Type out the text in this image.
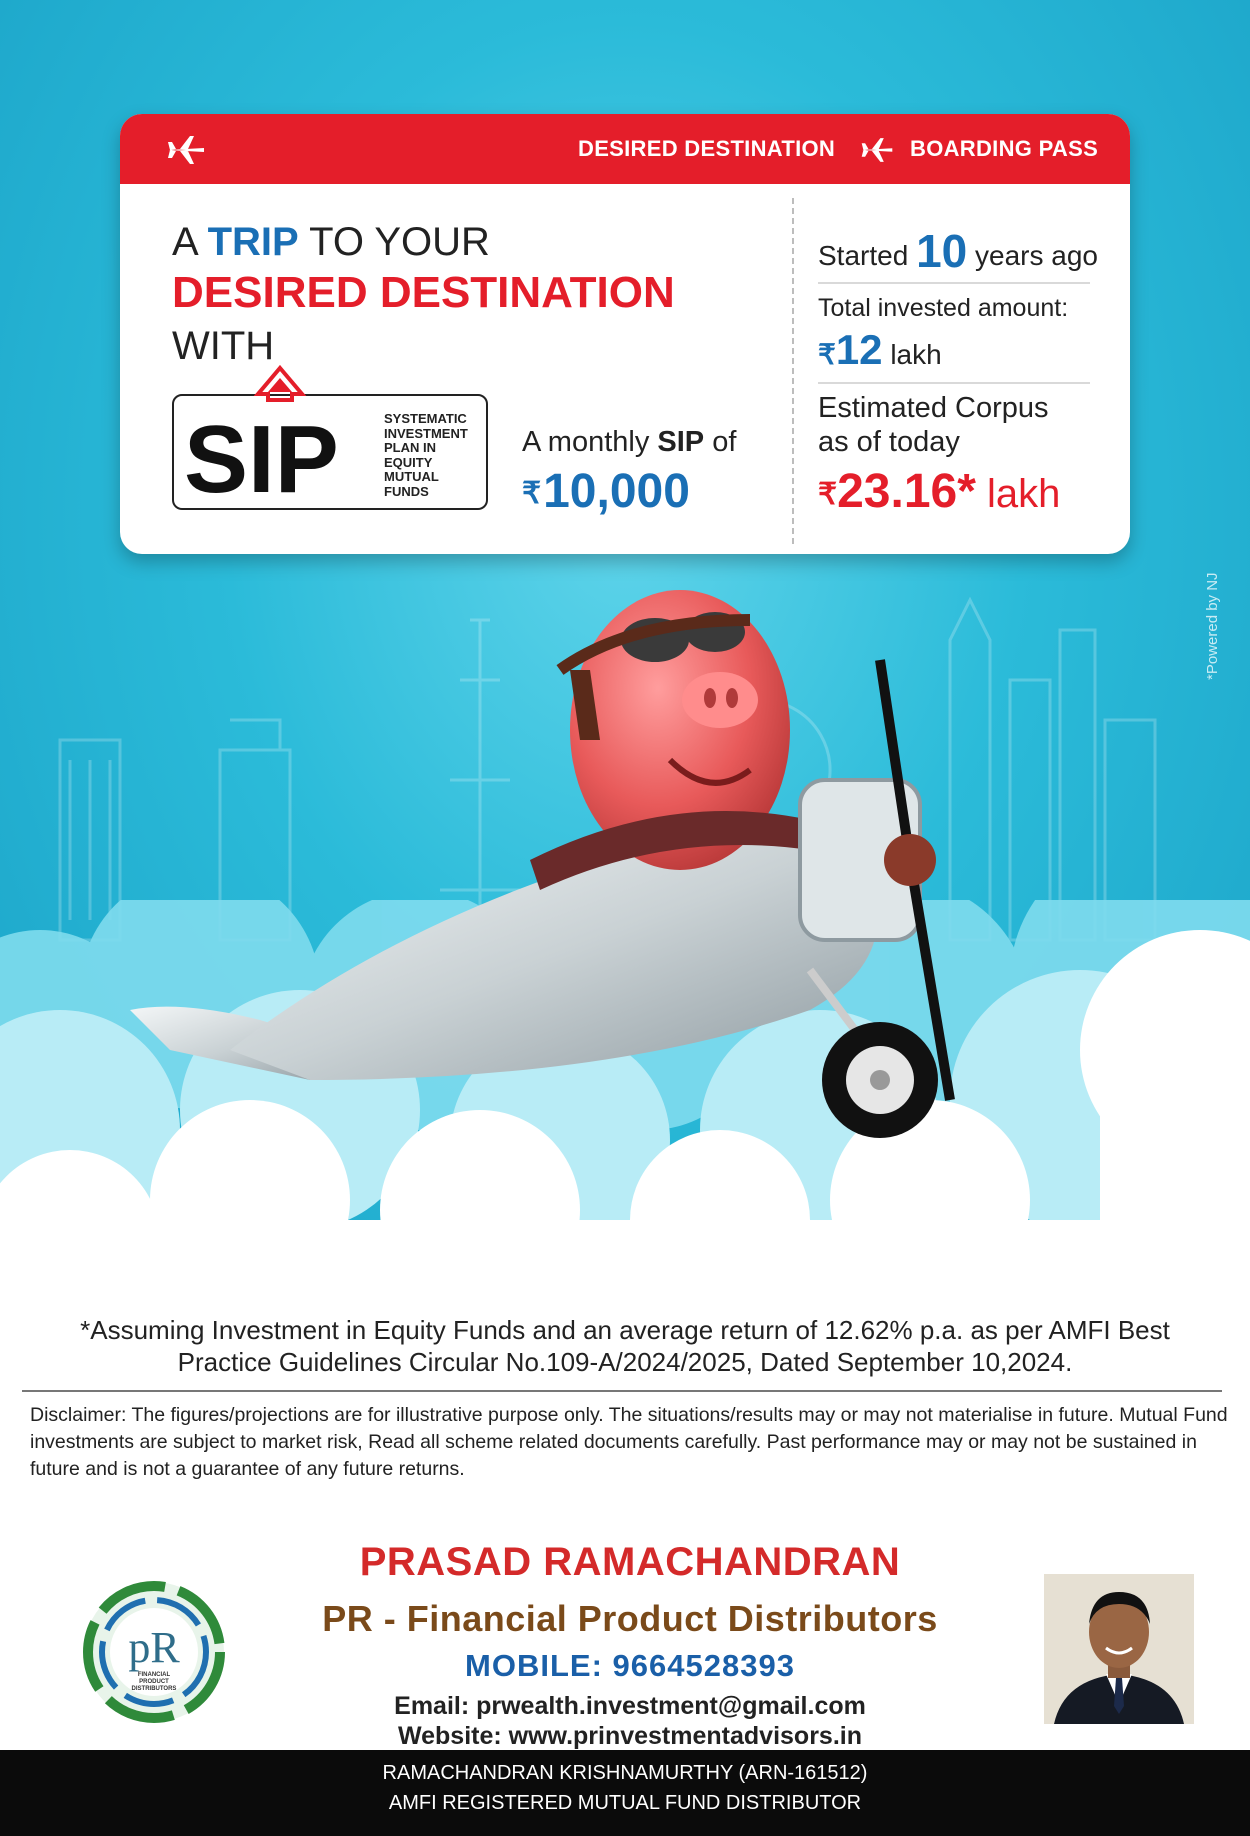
DESIRED DESTINATION	BOARDING PASS
A TRIP TO YOUR
DESIRED DESTINATION
WITH
SIP	SYSTEMATIC
INVESTMENT
PLAN IN
EQUITY
MUTUAL
FUNDS
A monthly SIP of
₹10,000
Started 10 years ago
Total invested amount:
₹12 lakh
Estimated Corpus
as of today
₹23.16* lakh
*Powered by NJ
*Assuming Investment in Equity Funds and an average return of 12.62% p.a. as per AMFI Best Practice Guidelines Circular No.109-A/2024/2025, Dated September 10,2024.
Disclaimer: The figures/projections are for illustrative purpose only. The situations/results may or may not materialise in future. Mutual Fund investments are subject to market risk, Read all scheme related documents carefully. Past performance may or may not be sustained in future and is not a guarantee of any future returns.
pR
FINANCIAL
PRODUCT
DISTRIBUTORS
PRASAD RAMACHANDRAN
PR - Financial Product Distributors
MOBILE: 9664528393
Email: prwealth.investment@gmail.com
Website: www.prinvestmentadvisors.in
RAMACHANDRAN KRISHNAMURTHY (ARN-161512)
AMFI REGISTERED MUTUAL FUND DISTRIBUTOR
